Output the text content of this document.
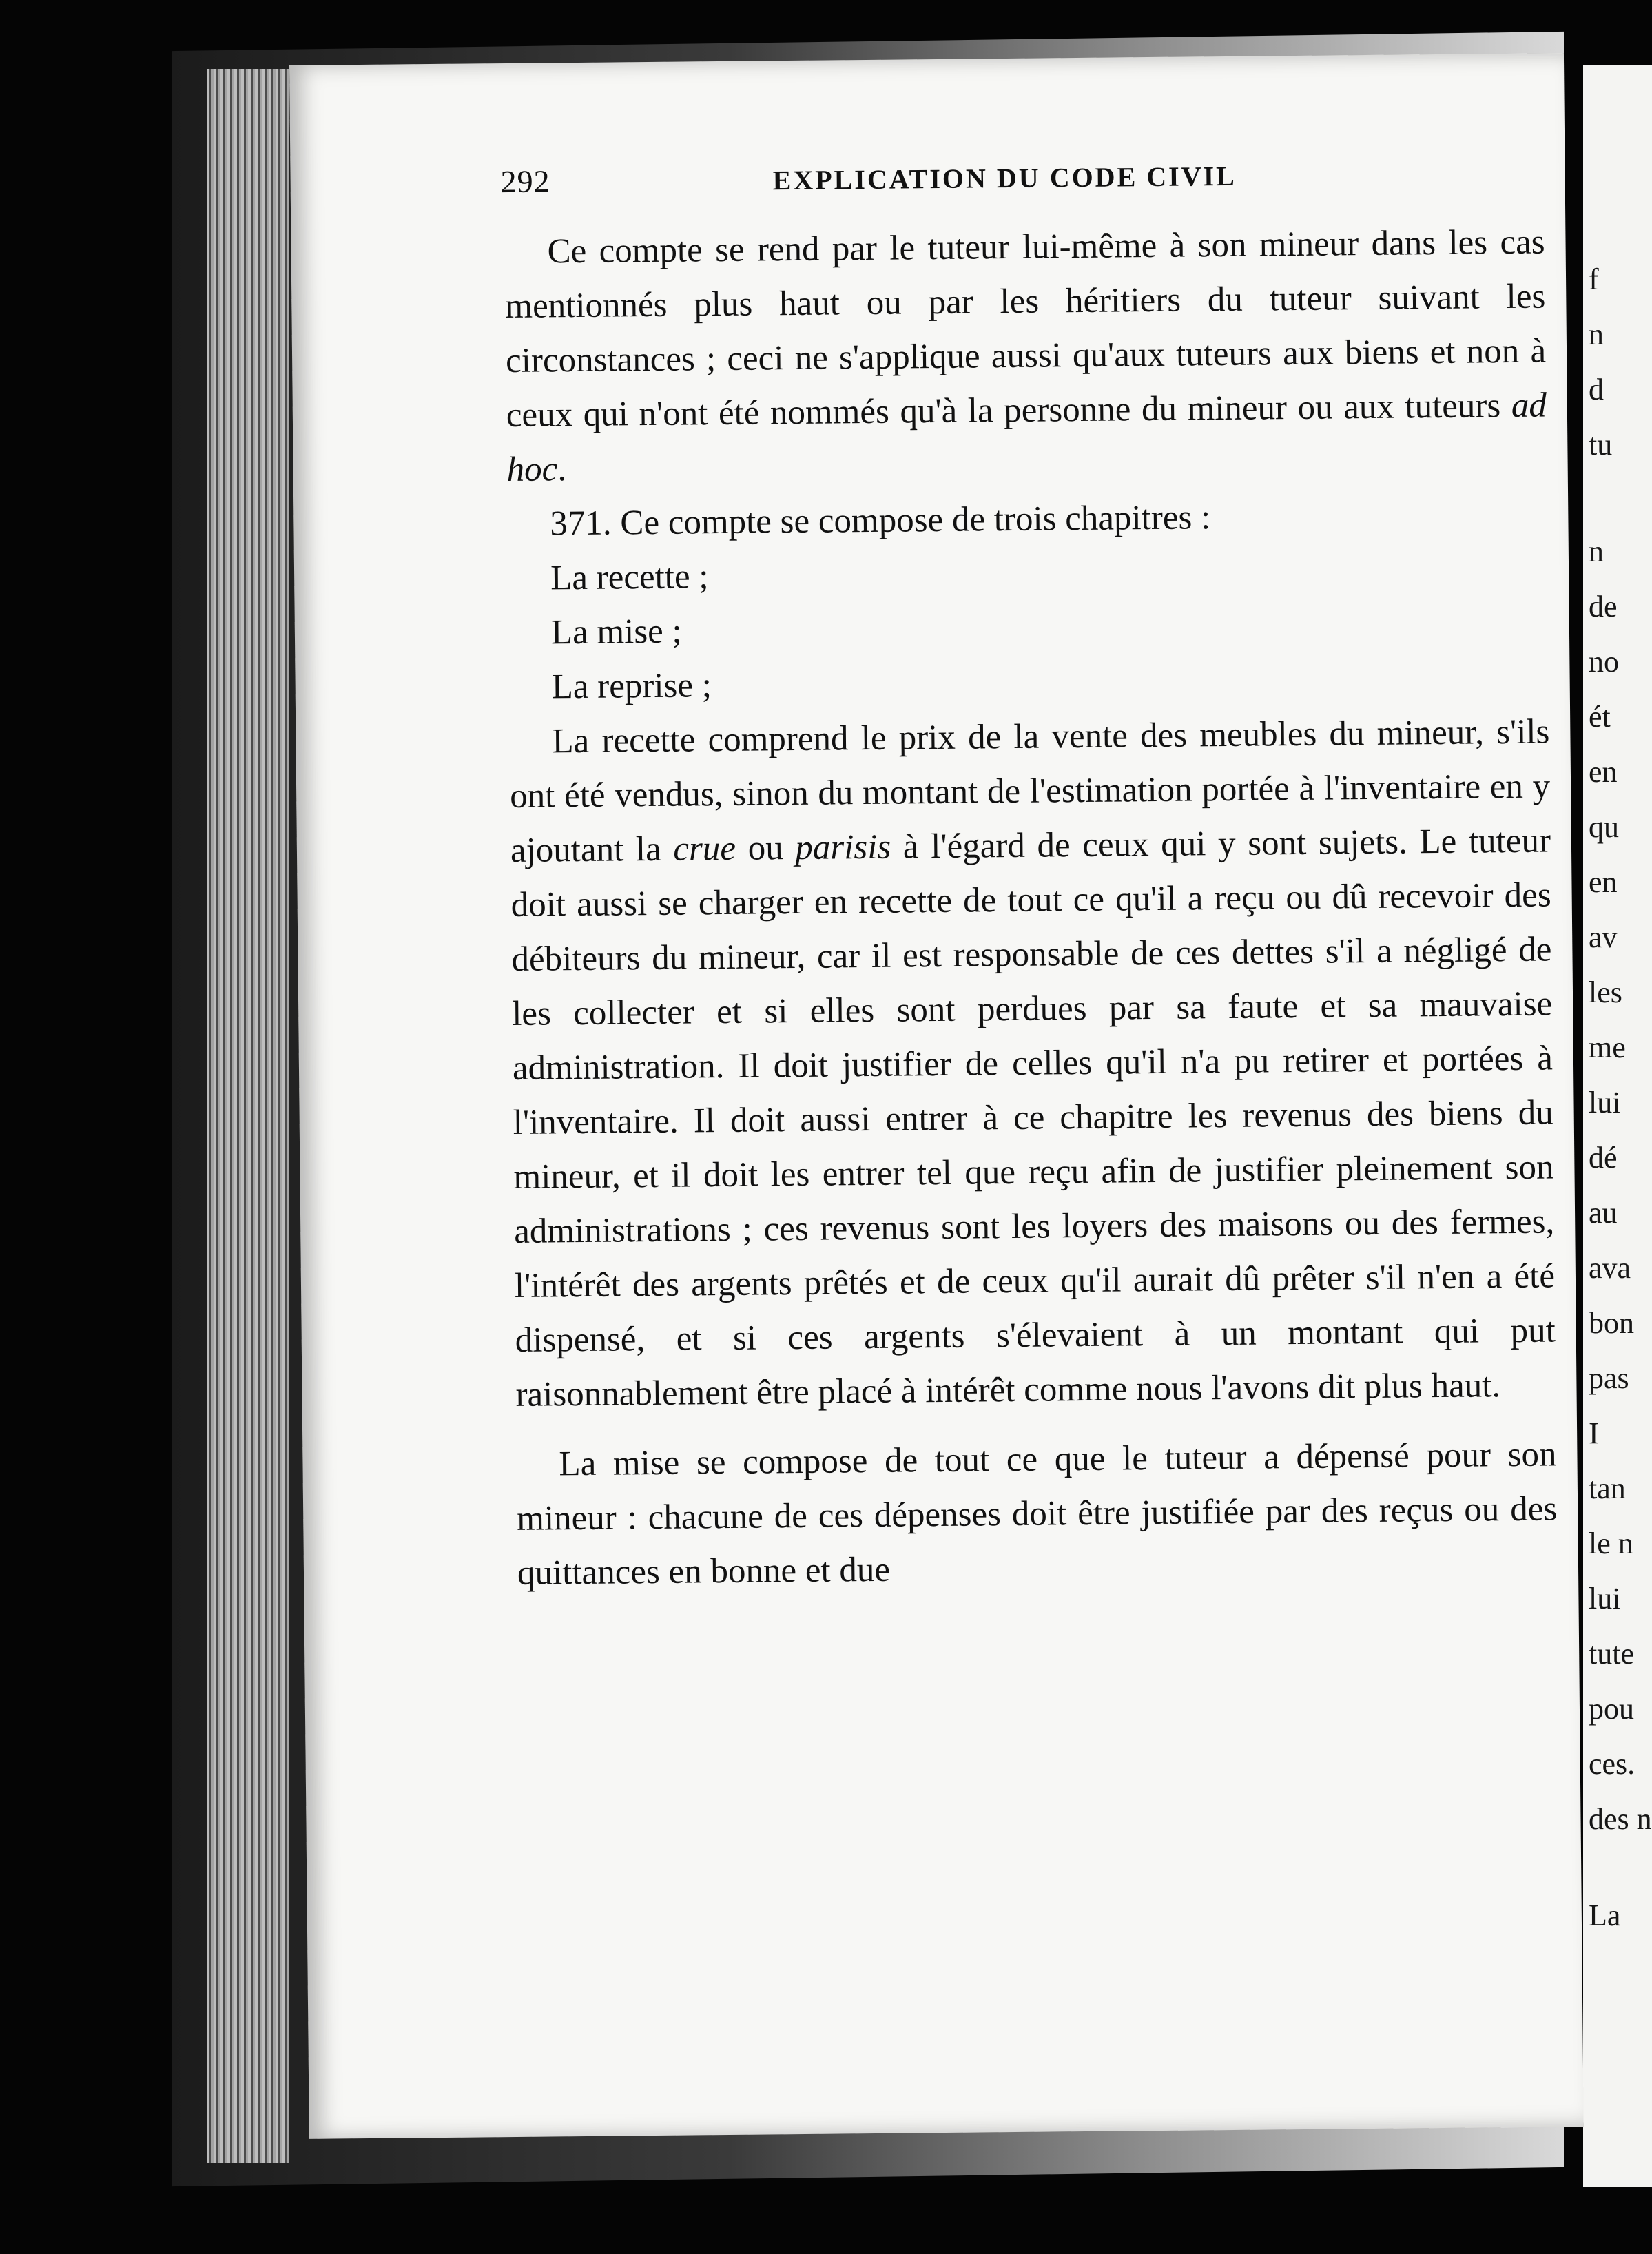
f
n
d
tu
n
de
no
ét
en
qu
en
av
les
me
lui
dé
au
ava
bon
pas
I
tan
le n
lui
tute
pou
ces.
des n
La
292	EXPLICATION DU CODE CIVIL

Ce compte se rend par le tuteur lui-même à son mineur dans les cas mentionnés plus haut ou par les héritiers du tuteur suivant les circonstances ; ceci ne s'applique aussi qu'aux tuteurs aux biens et non à ceux qui n'ont été nommés qu'à la personne du mineur ou aux tuteurs ad hoc.

371. Ce compte se compose de trois chapitres :

La recette ;

La mise ;

La reprise ;

La recette comprend le prix de la vente des meubles du mineur, s'ils ont été vendus, sinon du montant de l'estimation portée à l'inventaire en y ajoutant la crue ou parisis à l'égard de ceux qui y sont sujets. Le tuteur doit aussi se charger en recette de tout ce qu'il a reçu ou dû recevoir des débiteurs du mineur, car il est responsable de ces dettes s'il a négligé de les collecter et si elles sont perdues par sa faute et sa mauvaise administration. Il doit justifier de celles qu'il n'a pu retirer et portées à l'inventaire. Il doit aussi entrer à ce chapitre les revenus des biens du mineur, et il doit les entrer tel que reçu afin de justifier pleinement son administrations ; ces revenus sont les loyers des maisons ou des fermes, l'intérêt des argents prêtés et de ceux qu'il aurait dû prêter s'il n'en a été dispensé, et si ces argents s'élevaient à un montant qui put raisonnablement être placé à intérêt comme nous l'avons dit plus haut.

La mise se compose de tout ce que le tuteur a dépensé pour son mineur : chacune de ces dépenses doit être justifiée par des reçus ou des quittances en bonne et due
